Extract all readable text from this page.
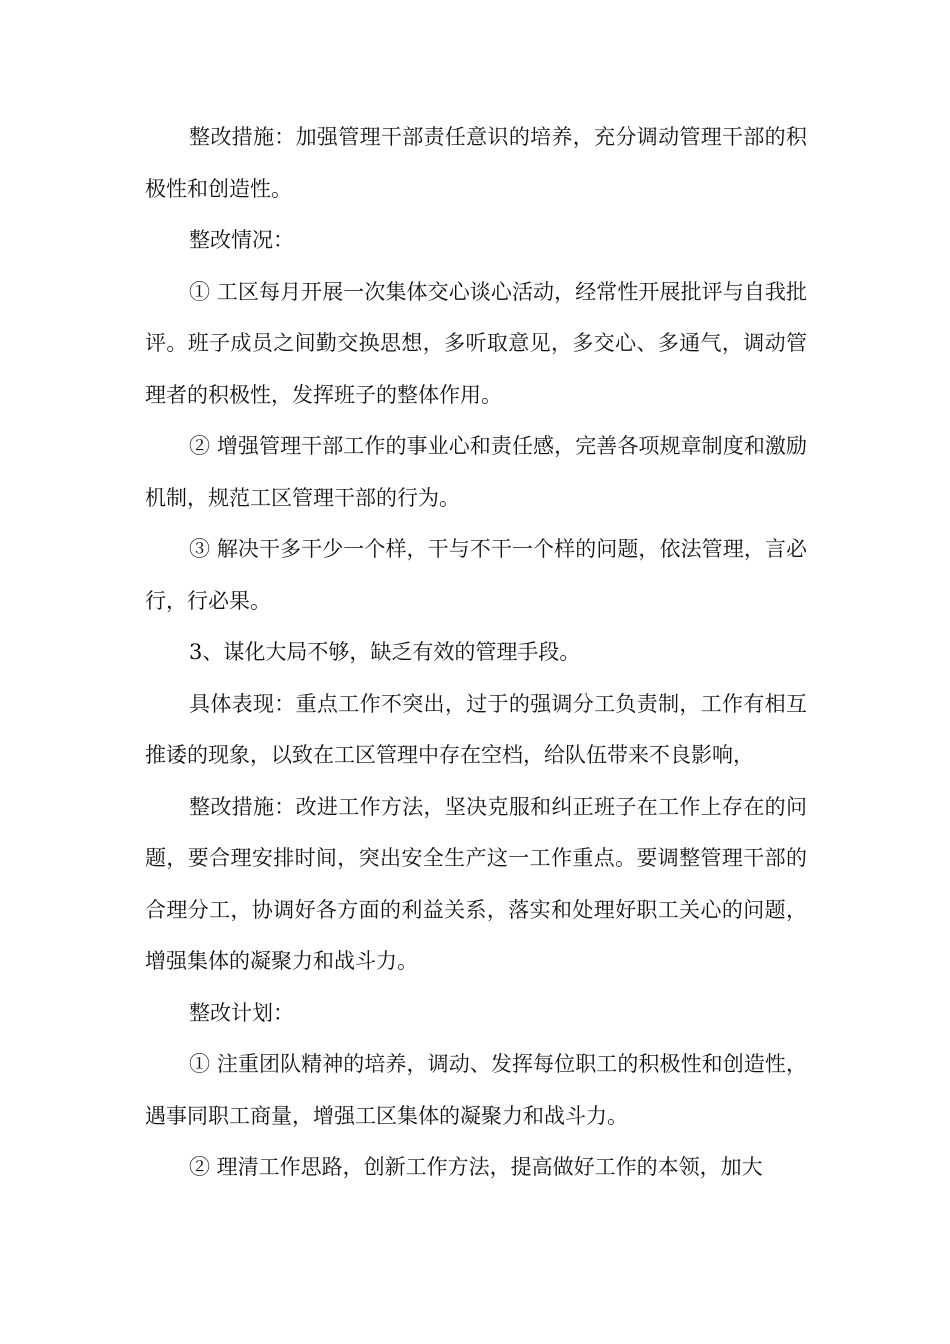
整改措施：加强管理干部责任意识的培养，充分调动管理干部的积极性和创造性。

整改情况：

① 工区每月开展一次集体交心谈心活动，经常性开展批评与自我批评。班子成员之间勤交换思想，多听取意见，多交心、多通气，调动管理者的积极性，发挥班子的整体作用。

② 增强管理干部工作的事业心和责任感，完善各项规章制度和激励机制，规范工区管理干部的行为。

③ 解决干多干少一个样，干与不干一个样的问题，依法管理，言必行，行必果。

3、谋化大局不够，缺乏有效的管理手段。

具体表现：重点工作不突出，过于的强调分工负责制，工作有相互推诿的现象，以致在工区管理中存在空档，给队伍带来不良影响，

整改措施：改进工作方法，坚决克服和纠正班子在工作上存在的问题，要合理安排时间，突出安全生产这一工作重点。要调整管理干部的合理分工，协调好各方面的利益关系，落实和处理好职工关心的问题，增强集体的凝聚力和战斗力。

整改计划：

① 注重团队精神的培养，调动、发挥每位职工的积极性和创造性，遇事同职工商量，增强工区集体的凝聚力和战斗力。

② 理清工作思路，创新工作方法，提高做好工作的本领，加大
